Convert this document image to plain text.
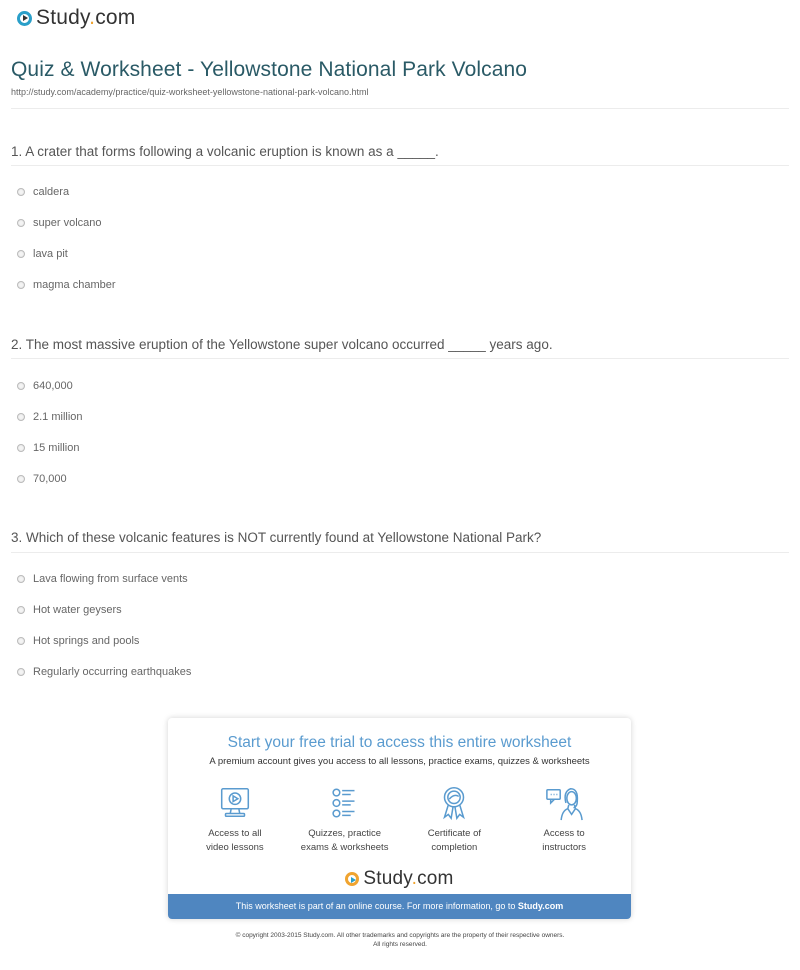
Study.com
Quiz & Worksheet - Yellowstone National Park Volcano
http://study.com/academy/practice/quiz-worksheet-yellowstone-national-park-volcano.html
1. A crater that forms following a volcanic eruption is known as a _____.
caldera
super volcano
lava pit
magma chamber
2. The most massive eruption of the Yellowstone super volcano occurred _____ years ago.
640,000
2.1 million
15 million
70,000
3. Which of these volcanic features is NOT currently found at Yellowstone National Park?
Lava flowing from surface vents
Hot water geysers
Hot springs and pools
Regularly occurring earthquakes
Start your free trial to access this entire worksheet
A premium account gives you access to all lessons, practice exams, quizzes & worksheets
Access to all
video lessons
Quizzes, practice
exams & worksheets
Certificate of
completion
Access to
instructors
Study.com
This worksheet is part of an online course. For more information, go to Study.com
© copyright 2003-2015 Study.com. All other trademarks and copyrights are the property of their respective owners.
All rights reserved.
